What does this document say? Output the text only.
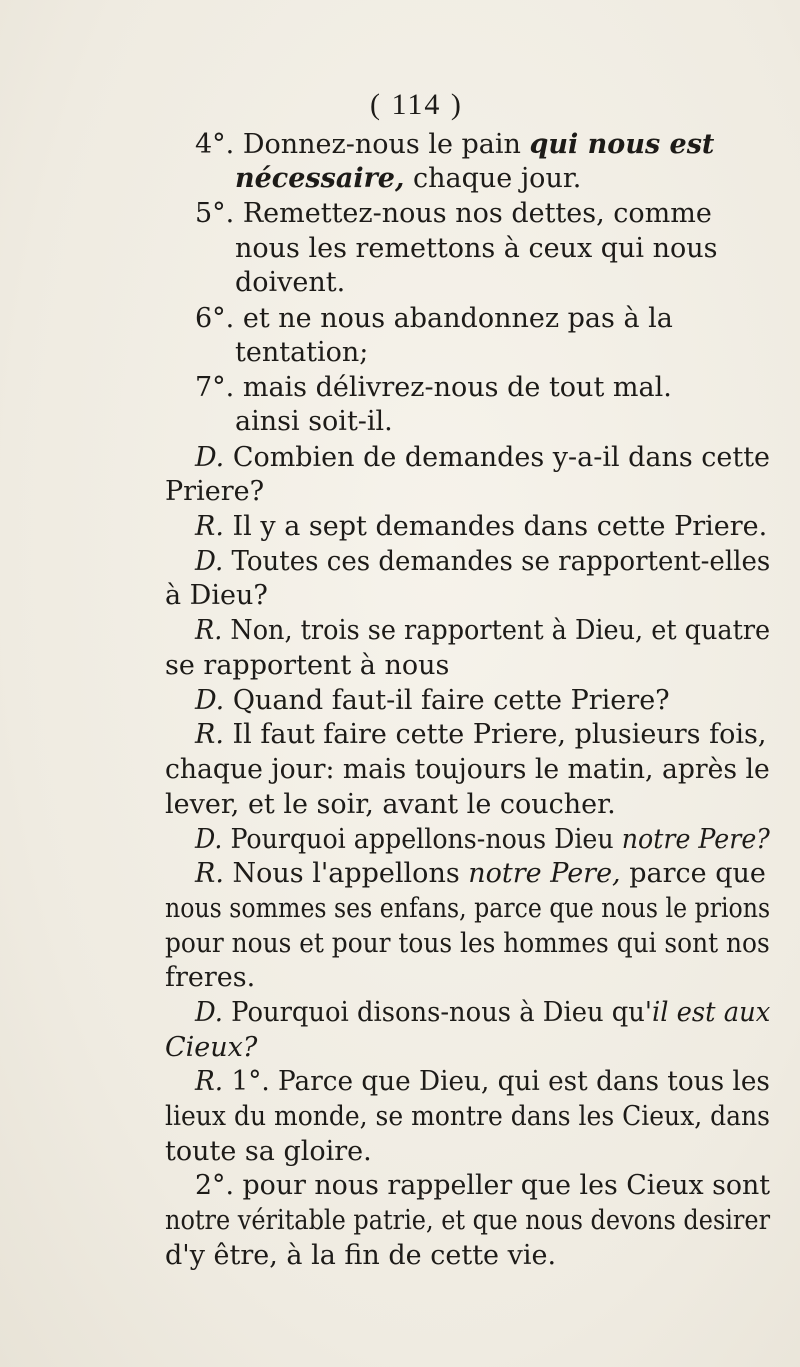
( 114 )
4°. Donnez-nous le pain qui nous est
nécessaire, chaque jour.
5°. Remettez-nous nos dettes, comme
nous les remettons à ceux qui nous
doivent.
6°. et ne nous abandonnez pas à la
tentation;
7°. mais délivrez-nous de tout mal.
ainsi soit-il.
D. Combien de demandes y-a-il dans cette
Priere?
R. Il y a sept demandes dans cette Priere.
D. Toutes ces demandes se rapportent-elles
à Dieu?
R. Non, trois se rapportent à Dieu, et quatre
se rapportent à nous
D. Quand faut-il faire cette Priere?
R. Il faut faire cette Priere, plusieurs fois,
chaque jour: mais toujours le matin, après le
lever, et le soir, avant le coucher.
D. Pourquoi appellons-nous Dieu notre Pere?
R. Nous l'appellons notre Pere, parce que
nous sommes ses enfans, parce que nous le prions
pour nous et pour tous les hommes qui sont nos
freres.
D. Pourquoi disons-nous à Dieu qu'il est aux
Cieux?
R. 1°. Parce que Dieu, qui est dans tous les
lieux du monde, se montre dans les Cieux, dans
toute sa gloire.
2°. pour nous rappeller que les Cieux sont
notre véritable patrie, et que nous devons desirer
d'y être, à la fin de cette vie.
